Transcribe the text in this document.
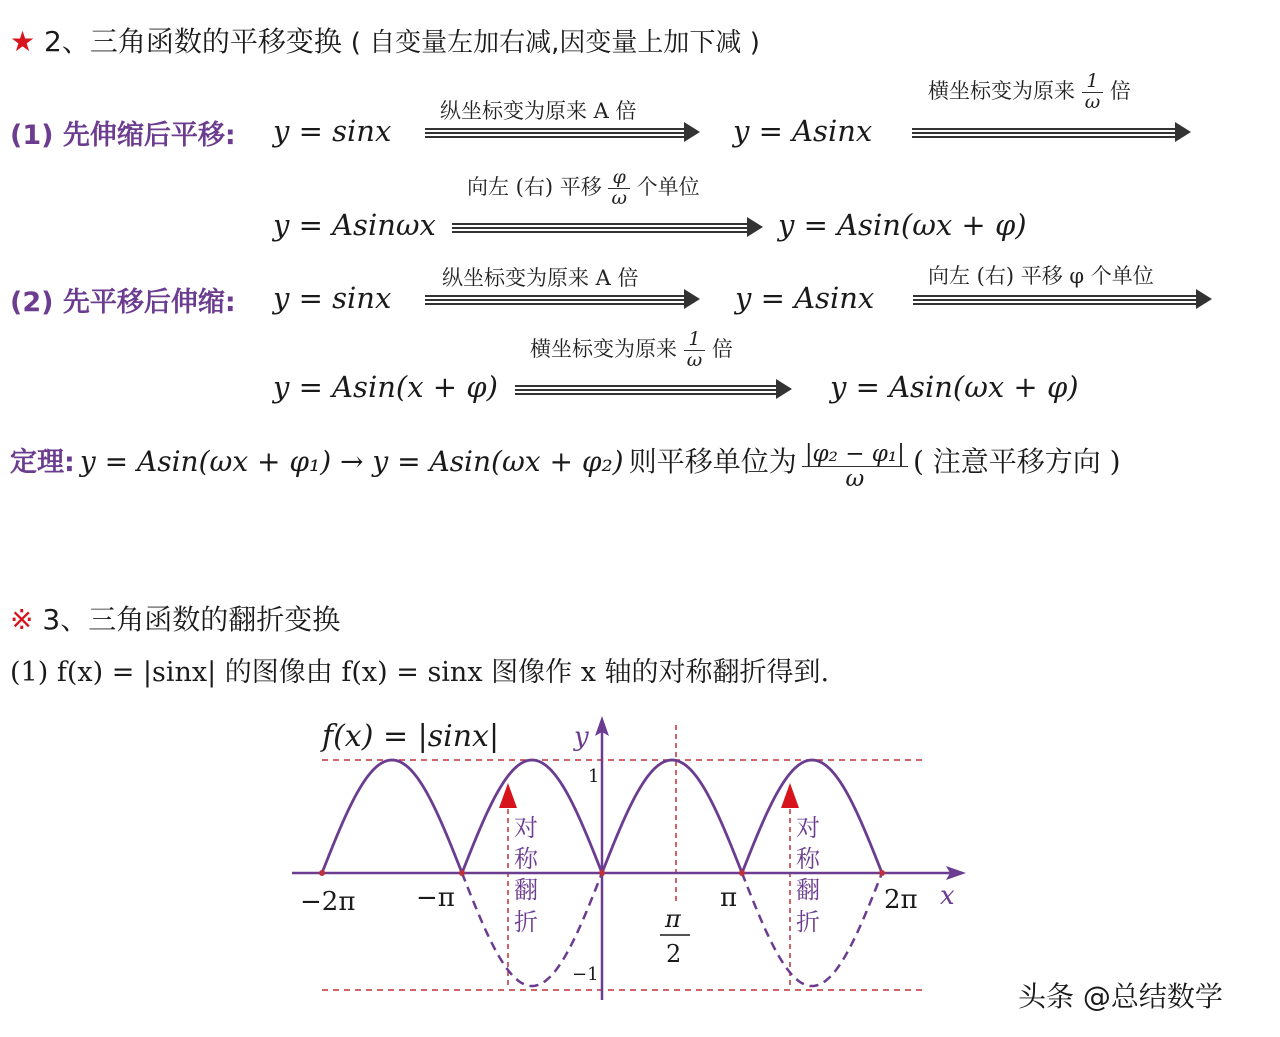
★ 2、三角函数的平移变换 ( 自变量左加右减,因变量上加下减 )
(1) 先伸缩后平移: y = sinx
纵坐标变为原来 A 倍
y = Asinx
横坐标变为原来 $\frac{1}{\omega}$ 倍
y = Asinωx
向左 (右) 平移 $\frac{\varphi}{\omega}$ 个单位
y = Asin(ωx + φ)
(2) 先平移后伸缩: y = sinx
纵坐标变为原来 A 倍
y = Asinx
向左 (右) 平移 φ 个单位
y = Asin(x + φ)
横坐标变为原来 $\frac{1}{\omega}$ 倍
y = Asin(ωx + φ)
定理: y = Asin(ωx + φ₁) → y = Asin(ωx + φ₂) 则平移单位为 $\frac{\text{|φ₂ − φ₁|}}{\omega}$ ( 注意平移方向 )
※ 3、三角函数的翻折变换
(1) f(x) = |sinx| 的图像由 f(x) = sinx 图像作 x 轴的对称翻折得到.
f(x) = |sinx|	y
x
1
−1
−2π −π	π	2π
π
2
对
称
翻
折
对
称
翻
折
头条 @总结数学
